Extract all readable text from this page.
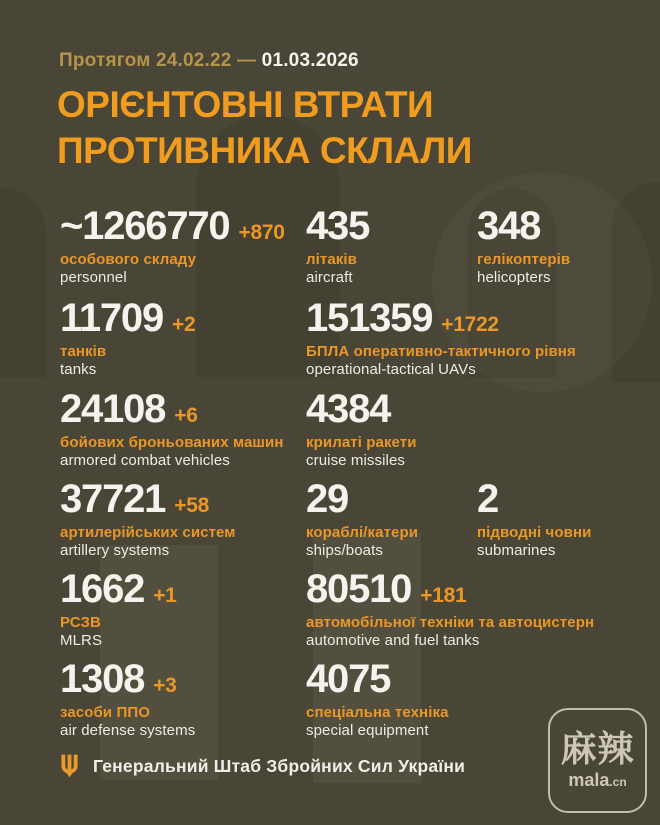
Протягом 24.02.22 — 01.03.2026
ОРІЄНТОВНІ ВТРАТИ
ПРОТИВНИКА СКЛАЛИ
~1266770 +870
особового складу
personnel
435
літаків
aircraft
348
гелікоптерів
helicopters
11709 +2
танків
tanks
151359 +1722
БПЛА оперативно-тактичного рівня
operational-tactical UAVs
24108 +6
бойових броньованих машин
armored combat vehicles
4384
крилаті ракети
cruise missiles
37721 +58
артилерійських систем
artillery systems
29
кораблі/катери
ships/boats
2
підводні човни
submarines
1662 +1
РСЗВ
MLRS
80510 +181
автомобільної техніки та автоцистерн
automotive and fuel tanks
1308 +3
засоби ППО
air defense systems
4075
спеціальна техніка
special equipment
Генеральний Штаб Збройних Сил України	麻辣
mala.cn
